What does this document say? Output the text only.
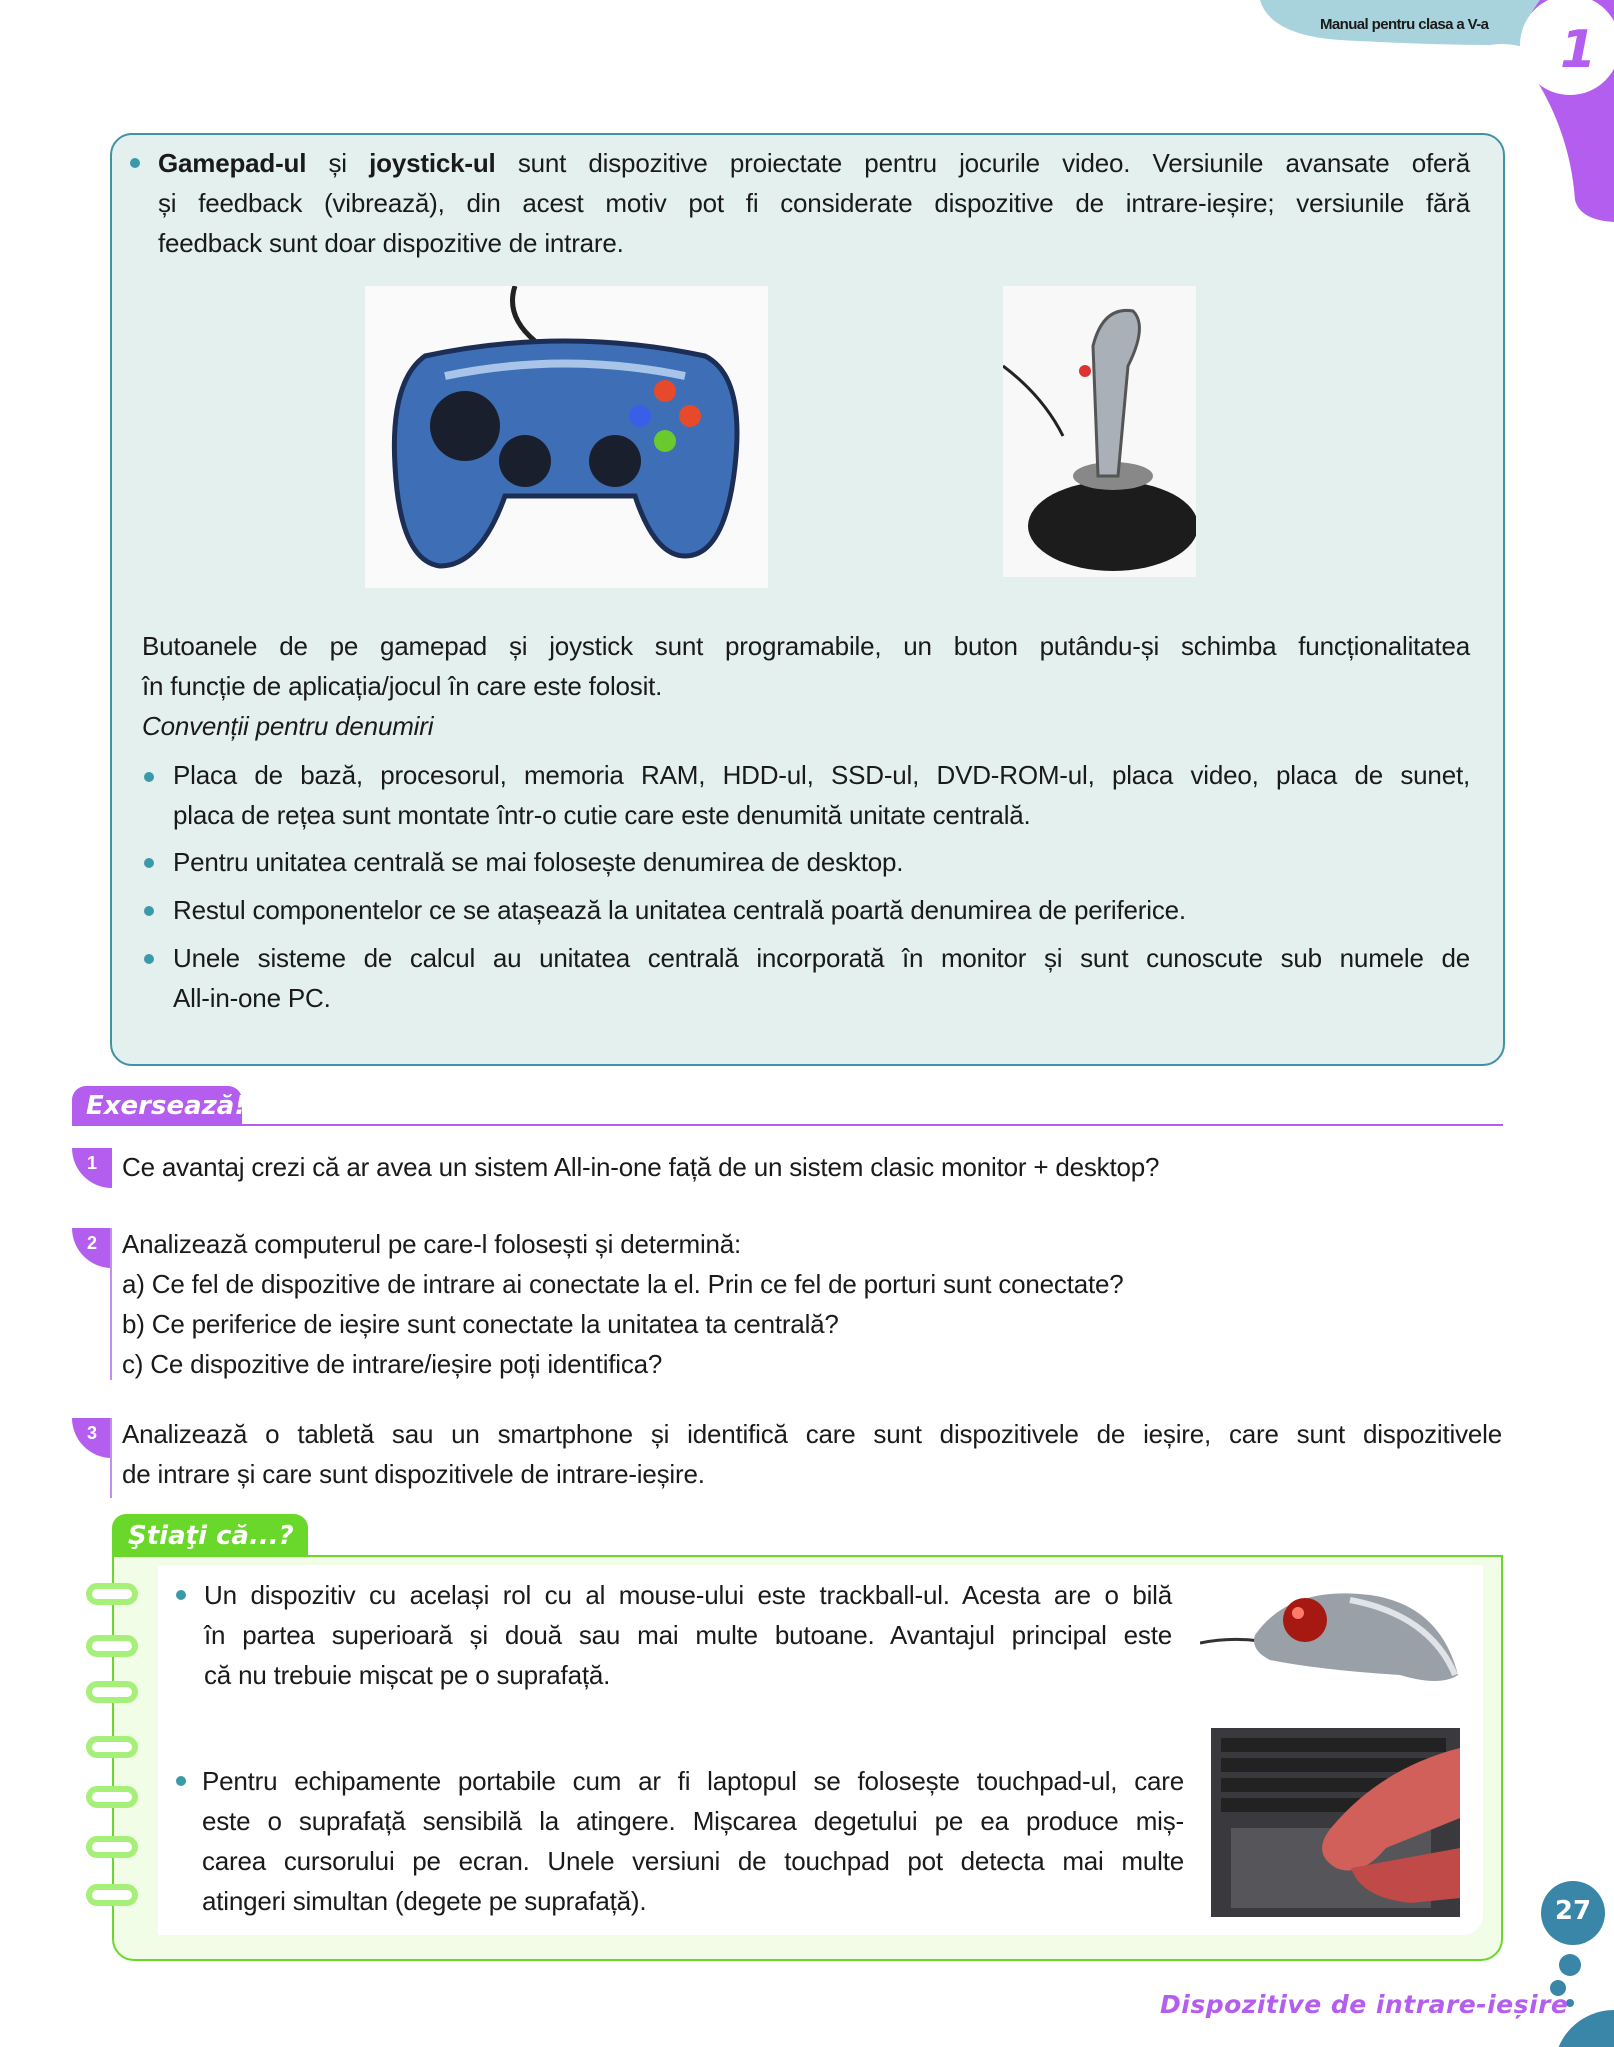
Manual pentru clasa a V-a 1
Gamepad-ul și joystick-ul sunt dispozitive proiectate pentru jocurile video. Versiunile avansate oferă
și feedback (vibrează), din acest motiv pot fi considerate dispozitive de intrare-ieșire; versiunile fără
feedback sunt doar dispozitive de intrare.
Butoanele de pe gamepad și joystick sunt programabile, un buton putându-și schimba funcționalitatea
în funcție de aplicația/jocul în care este folosit.
Convenții pentru denumiri
Placa de bază, procesorul, memoria RAM, HDD-ul, SSD-ul, DVD-ROM-ul, placa video, placa de sunet,
placa de rețea sunt montate într-o cutie care este denumită unitate centrală.
Pentru unitatea centrală se mai folosește denumirea de desktop.
Restul componentelor ce se atașează la unitatea centrală poartă denumirea de periferice.
Unele sisteme de calcul au unitatea centrală incorporată în monitor și sunt cunoscute sub numele de
All-in-one PC.
Exersează!
1 Ce avantaj crezi că ar avea un sistem All-in-one față de un sistem clasic monitor + desktop?
2 Analizează computerul pe care-l folosești și determină:
a) Ce fel de dispozitive de intrare ai conectate la el. Prin ce fel de porturi sunt conectate?
b) Ce periferice de ieșire sunt conectate la unitatea ta centrală?
c) Ce dispozitive de intrare/ieșire poți identifica?
3 Analizează o tabletă sau un smartphone și identifică care sunt dispozitivele de ieșire, care sunt dispozitivele
de intrare și care sunt dispozitivele de intrare-ieșire.
Ştiaţi că...?
Un dispozitiv cu același rol cu al mouse-ului este trackball-ul. Acesta are o bilă
în partea superioară și două sau mai multe butoane. Avantajul principal este
că nu trebuie mișcat pe o suprafață.
Pentru echipamente portabile cum ar fi laptopul se folosește touchpad-ul, care
este o suprafață sensibilă la atingere. Mișcarea degetului pe ea produce miș-
carea cursorului pe ecran. Unele versiuni de touchpad pot detecta mai multe
atingeri simultan (degete pe suprafață).	27
Dispozitive de intrare-ieșire
